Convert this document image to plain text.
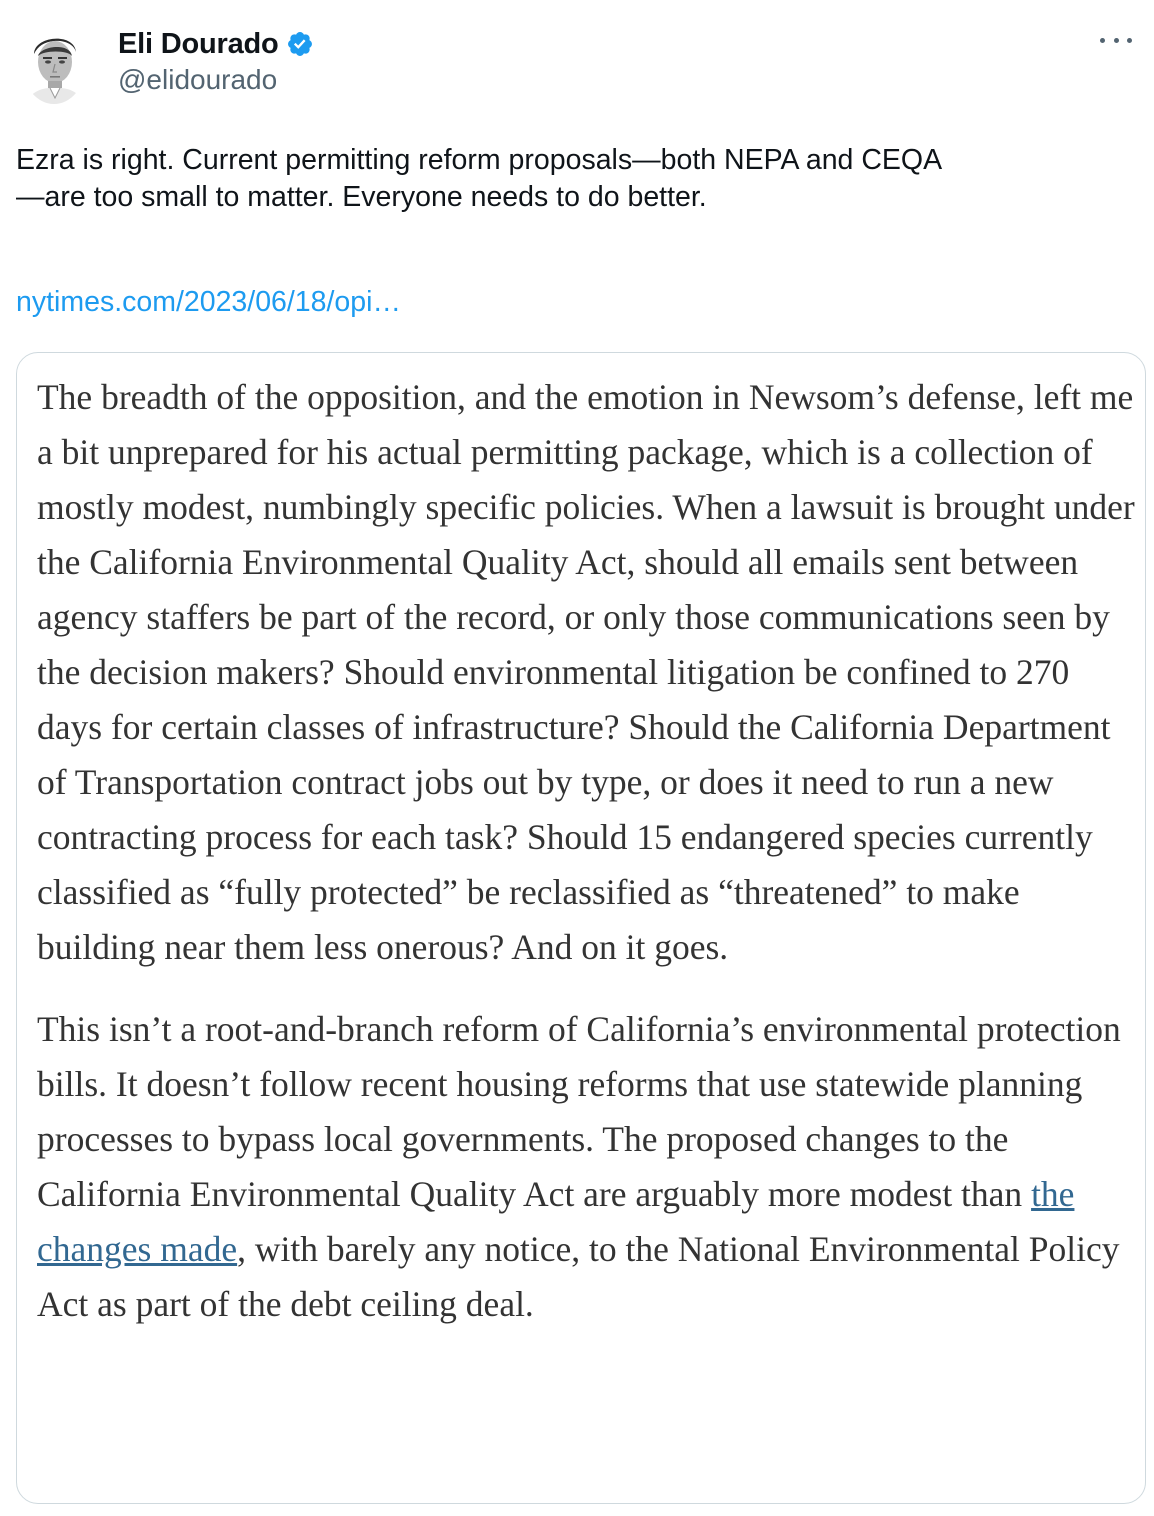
Eli Dourado
@elidourado

Ezra is right. Current permitting reform proposals—both NEPA and CEQA

—are too small to matter. Everyone needs to do better.

nytimes.com/2023/06/18/opi…

The breadth of the opposition, and the emotion in Newsom’s defense, left me a bit unprepared for his actual permitting package, which is a collection of mostly modest, numbingly specific policies. When a lawsuit is brought under the California Environmental Quality Act, should all emails sent between agency staffers be part of the record, or only those communications seen by the decision makers? Should environmental litigation be confined to 270 days for certain classes of infrastructure? Should the California Department of Transportation contract jobs out by type, or does it need to run a new contracting process for each task? Should 15 endangered species currently classified as “fully protected” be reclassified as “threatened” to make building near them less onerous? And on it goes.

This isn’t a root-and-branch reform of California’s environmental protection bills. It doesn’t follow recent housing reforms that use statewide planning processes to bypass local governments. The proposed changes to the California Environmental Quality Act are arguably more modest than the changes made, with barely any notice, to the National Environmental Policy Act as part of the debt ceiling deal.
